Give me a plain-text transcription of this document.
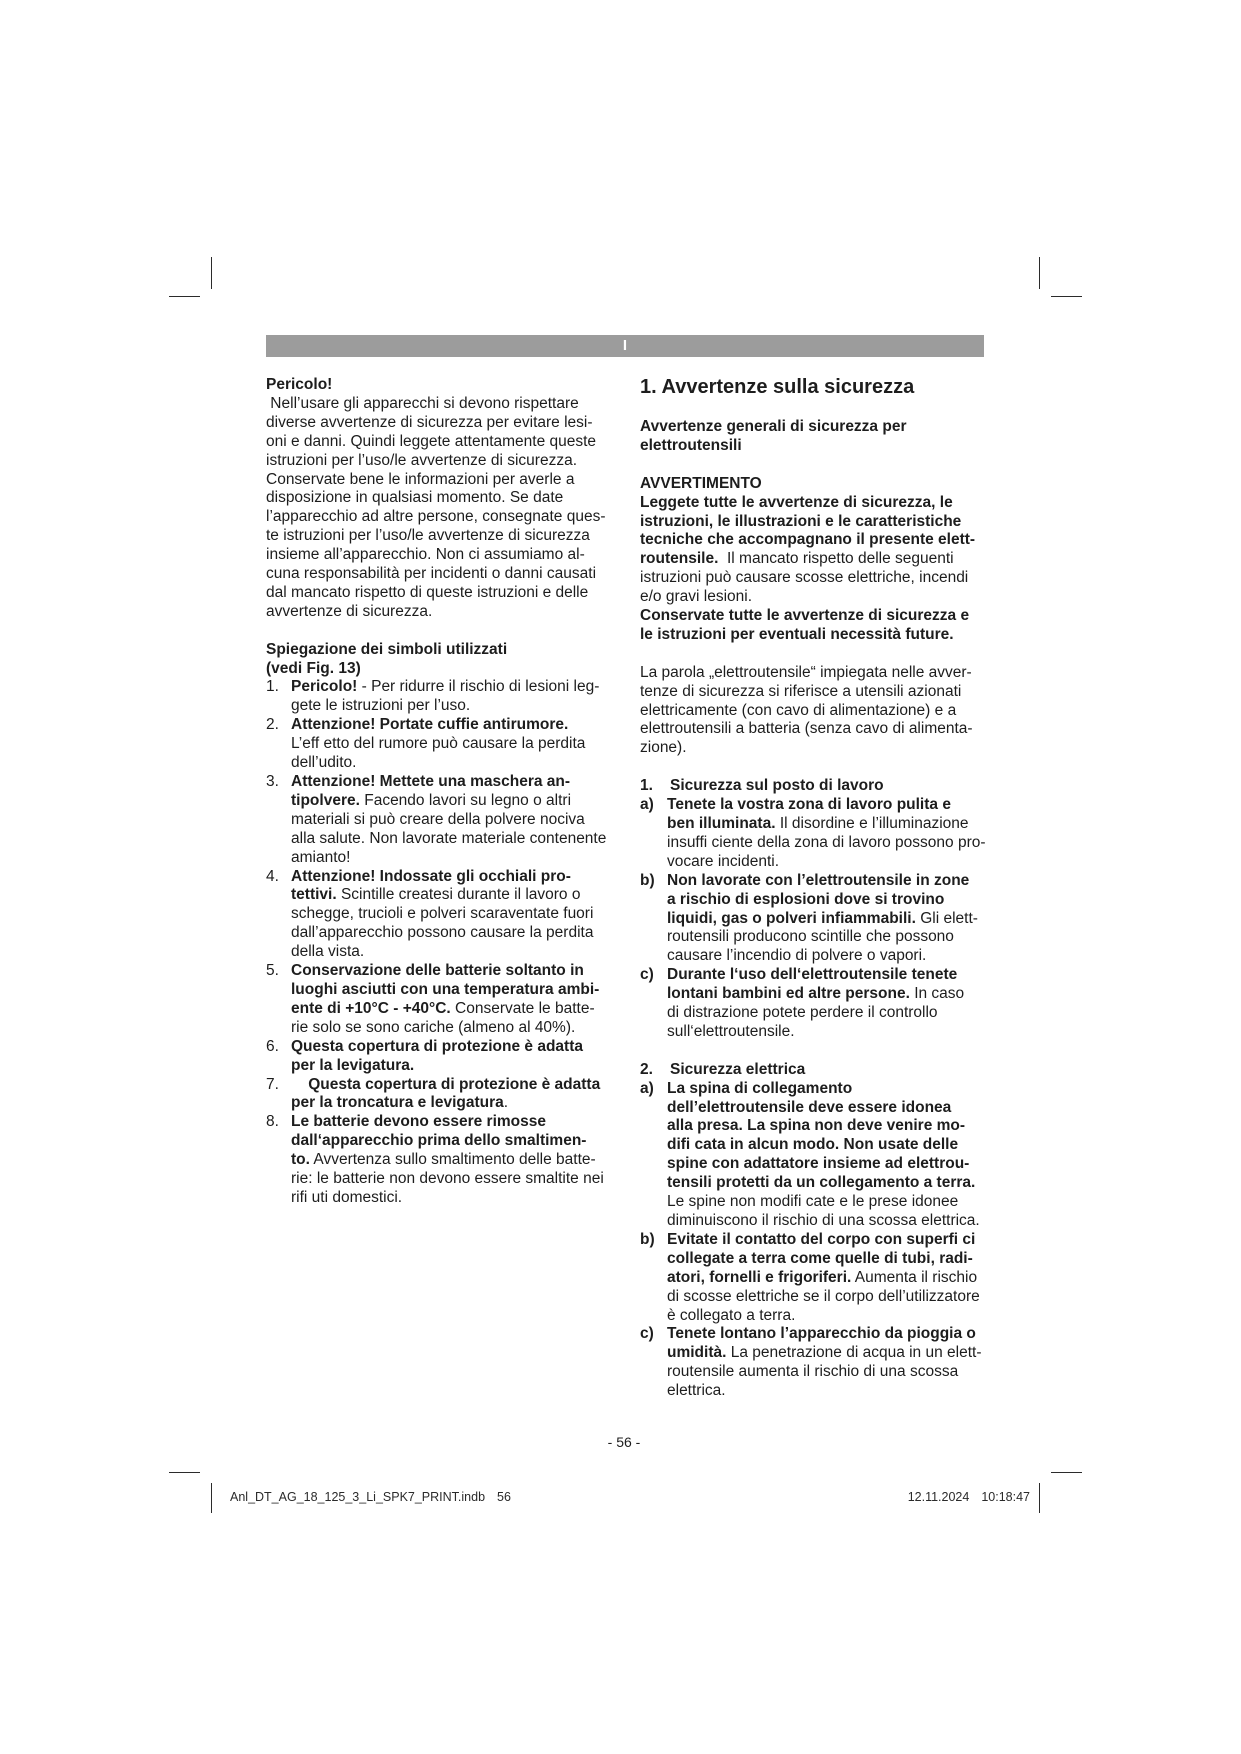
I
Pericolo!
Nell’usare gli apparecchi si devono rispettare
diverse avvertenze di sicurezza per evitare lesi-
oni e danni. Quindi leggete attentamente queste
istruzioni per l’uso/le avvertenze di sicurezza.
Conservate bene le informazioni per averle a
disposizione in qualsiasi momento. Se date
l’apparecchio ad altre persone, consegnate ques-
te istruzioni per l’uso/le avvertenze di sicurezza
insieme all’apparecchio. Non ci assumiamo al-
cuna responsabilità per incidenti o danni causati
dal mancato rispetto di queste istruzioni e delle
avvertenze di sicurezza.
Spiegazione dei simboli utilizzati
(vedi Fig. 13)
1. Pericolo! - Per ridurre il rischio di lesioni leg-
gete le istruzioni per l’uso.
2. Attenzione! Portate cuffie antirumore.
L’eff etto del rumore può causare la perdita
dell’udito.
3. Attenzione! Mettete una maschera an-
tipolvere. Facendo lavori su legno o altri
materiali si può creare della polvere nociva
alla salute. Non lavorate materiale contenente
amianto!
4. Attenzione! Indossate gli occhiali pro-
tettivi. Scintille createsi durante il lavoro o
schegge, trucioli e polveri scaraventate fuori
dall’apparecchio possono causare la perdita
della vista.
5. Conservazione delle batterie soltanto in
luoghi asciutti con una temperatura ambi-
ente di +10°C - +40°C. Conservate le batte-
rie solo se sono cariche (almeno al 40%).
6. Questa copertura di protezione è adatta
per la levigatura.
7. Questa copertura di protezione è adatta
per la troncatura e levigatura.
8. Le batterie devono essere rimosse
dall‘apparecchio prima dello smaltimen-
to. Avvertenza sullo smaltimento delle batte-
rie: le batterie non devono essere smaltite nei
rifi uti domestici.
1. Avvertenze sulla sicurezza
Avvertenze generali di sicurezza per
elettroutensili
AVVERTIMENTO
Leggete tutte le avvertenze di sicurezza, le
istruzioni, le illustrazioni e le caratteristiche
tecniche che accompagnano il presente elett-
routensile.  Il mancato rispetto delle seguenti
istruzioni può causare scosse elettriche, incendi
e/o gravi lesioni.
Conservate tutte le avvertenze di sicurezza e
le istruzioni per eventuali necessità future.
La parola „elettroutensile“ impiegata nelle avver-
tenze di sicurezza si riferisce a utensili azionati
elettricamente (con cavo di alimentazione) e a
elettroutensili a batteria (senza cavo di alimenta-
zione).
1. Sicurezza sul posto di lavoro
a) Tenete la vostra zona di lavoro pulita e
ben illuminata. Il disordine e l’illuminazione
insuffi ciente della zona di lavoro possono pro-
vocare incidenti.
b) Non lavorate con l’elettroutensile in zone
a rischio di esplosioni dove si trovino
liquidi, gas o polveri infiammabili. Gli elett-
routensili producono scintille che possono
causare l’incendio di polvere o vapori.
c) Durante l‘uso dell‘elettroutensile tenete
lontani bambini ed altre persone. In caso
di distrazione potete perdere il controllo
sull‘elettroutensile.
2. Sicurezza elettrica
a) La spina di collegamento
dell’elettroutensile deve essere idonea
alla presa. La spina non deve venire mo-
difi cata in alcun modo. Non usate delle
spine con adattatore insieme ad elettrou-
tensili protetti da un collegamento a terra.
Le spine non modifi cate e le prese idonee
diminuiscono il rischio di una scossa elettrica.
b) Evitate il contatto del corpo con superfi ci
collegate a terra come quelle di tubi, radi-
atori, fornelli e frigoriferi. Aumenta il rischio
di scosse elettriche se il corpo dell’utilizzatore
è collegato a terra.
c) Tenete lontano l’apparecchio da pioggia o
umidità. La penetrazione di acqua in un elett-
routensile aumenta il rischio di una scossa
elettrica.
- 56 -
Anl_DT_AG_18_125_3_Li_SPK7_PRINT.indb 56	12.11.2024 10:18:47
